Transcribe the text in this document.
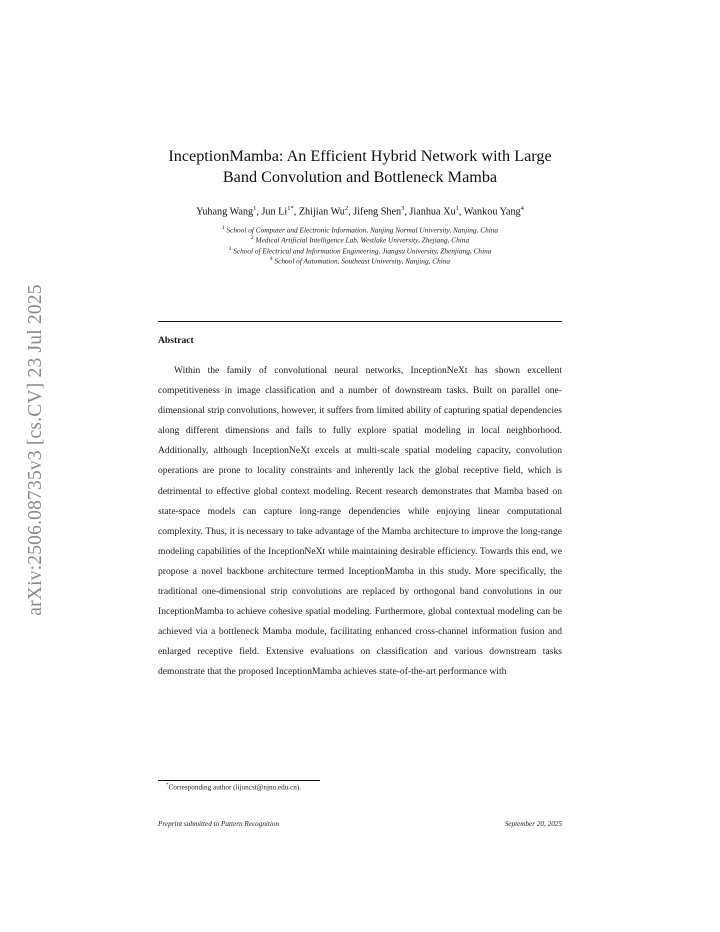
arXiv:2506.08735v3 [cs.CV] 23 Jul 2025
InceptionMamba: An Efficient Hybrid Network with Large Band Convolution and Bottleneck Mamba
Yuhang Wang$^1$, Jun $Li^{1*}$, Zhijian Wu$^2$, Jifeng Shen$^3$, Jianhua Xu$^1$, Wankou Yang$^4$
$^1$ School of Computer and Electronic Information, Nanjing Normal University, Nanjing, China
$^2$ Medical Artificial Intelligence Lab, Westlake University, Zhejiang, China
$^3$ School of Electrical and Information Engineering, Jiangsu University, Zhenjiang, China
$^4$ School of Automation, Southeast University, Nanjing, China
Abstract
Within the family of convolutional neural networks, InceptionNeXt has shown excellent competitiveness in image classification and a number of downstream tasks. Built on parallel one-dimensional strip convolutions, however, it suffers from limited ability of capturing spatial dependencies along different dimensions and fails to fully explore spatial modeling in local neighborhood. Additionally, although InceptionNeXt excels at multi-scale spatial modeling capacity, convolution operations are prone to locality constraints and inherently lack the global receptive field, which is detrimental to effective global context modeling. Recent research demonstrates that Mamba based on state-space models can capture long-range dependencies while enjoying linear computational complexity. Thus, it is necessary to take advantage of the Mamba architecture to improve the long-range modeling capabilities of the InceptionNeXt while maintaining desirable efficiency. Towards this end, we propose a novel backbone architecture termed InceptionMamba in this study. More specifically, the traditional one-dimensional strip convolutions are replaced by orthogonal band convolutions in our InceptionMamba to achieve cohesive spatial modeling. Furthermore, global contextual modeling can be achieved via a bottleneck Mamba module, facilitating enhanced cross-channel information fusion and enlarged receptive field. Extensive evaluations on classification and various downstream tasks demonstrate that the proposed InceptionMamba achieves state-of-the-art performance with
*Corresponding author (lijuncst@njnu.edu.cn).
Preprint submitted to Pattern Recognition	September 20, 2025
